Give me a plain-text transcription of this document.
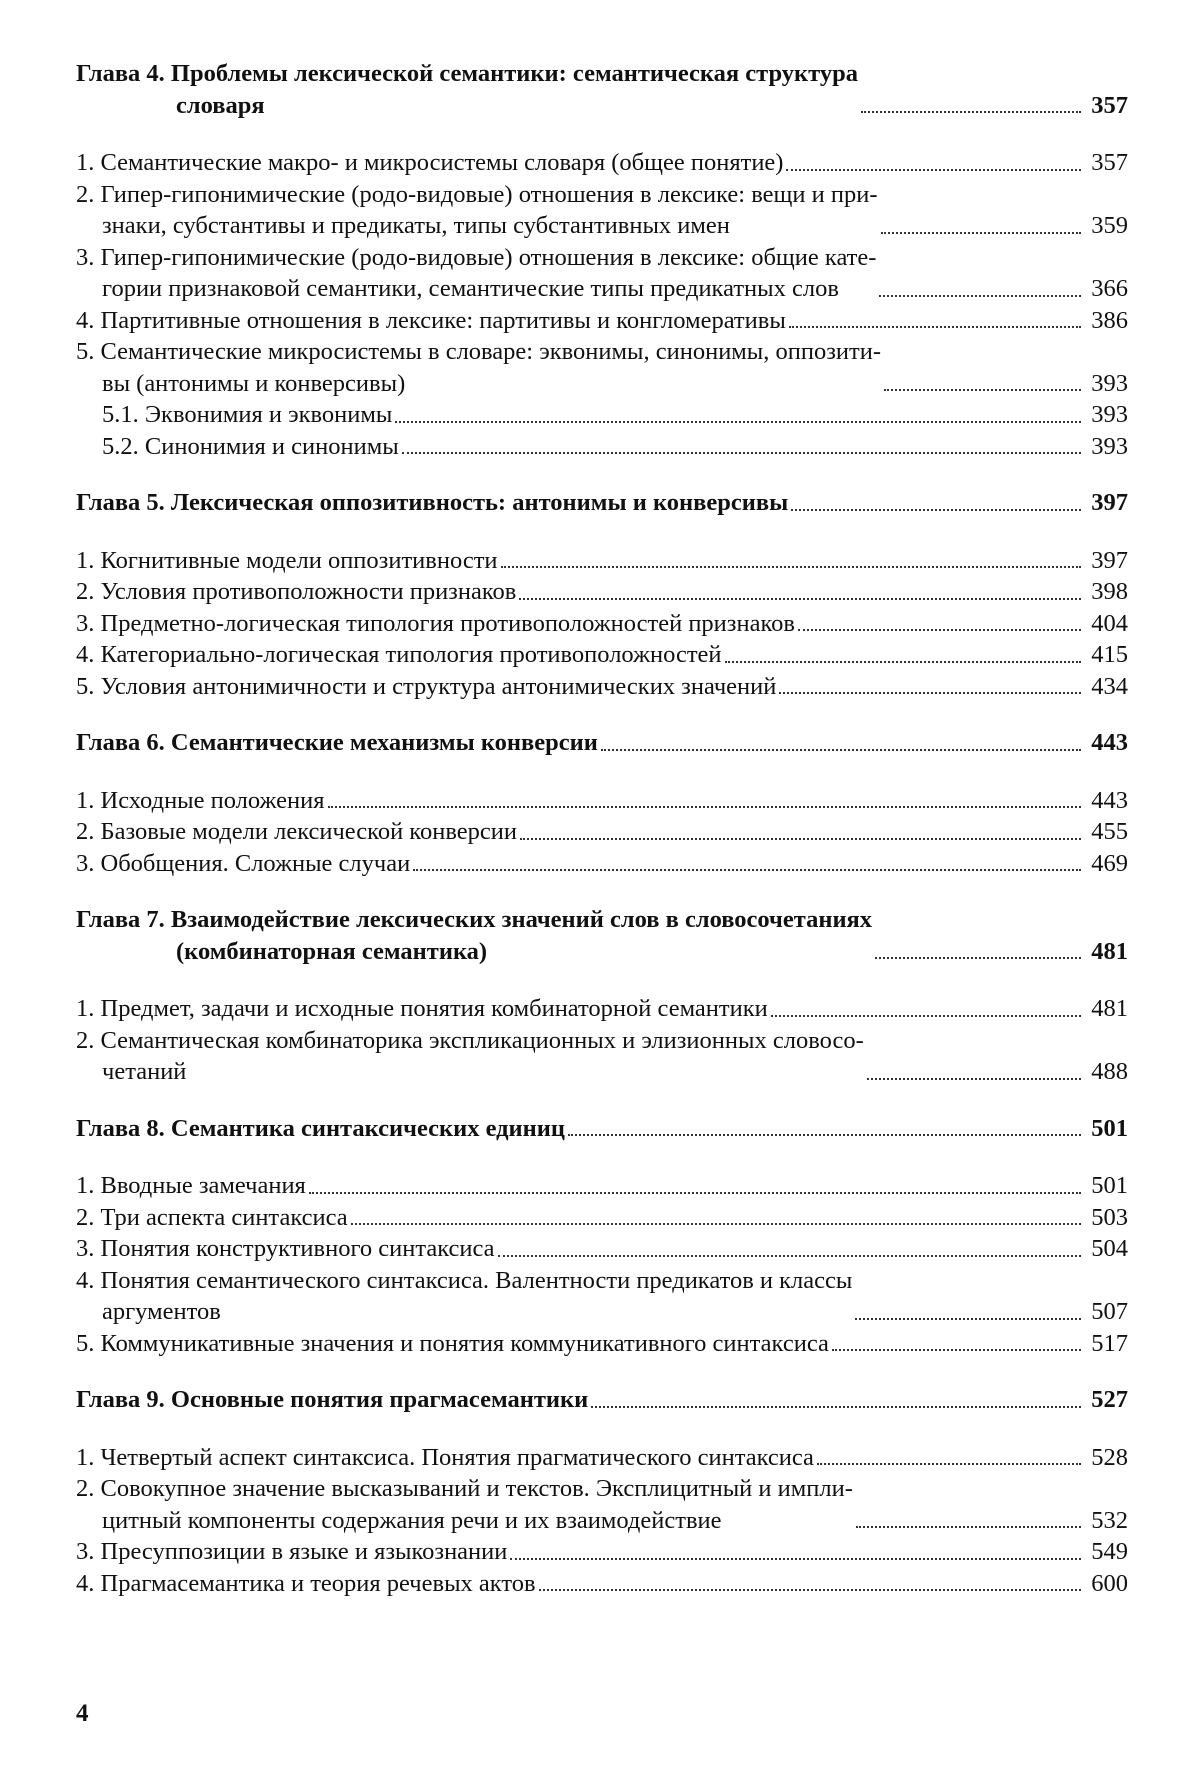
Глава 4. Проблемы лексической семантики: семантическая структура
словаря	357
1. Семантические макро- и микросистемы словаря (общее понятие)	357
2. Гипер-гипонимические (родо-видовые) отношения в лексике: вещи и при-
знаки, субстантивы и предикаты, типы субстантивных имен	359
3. Гипер-гипонимические (родо-видовые) отношения в лексике: общие кате-
гории признаковой семантики, семантические типы предикатных слов	366
4. Партитивные отношения в лексике: партитивы и конгломеративы	386
5. Семантические микросистемы в словаре: эквонимы, синонимы, оппозити-
вы (антонимы и конверсивы)	393
5.1. Эквонимия и эквонимы	393
5.2. Синонимия и синонимы	393
Глава 5. Лексическая оппозитивность: антонимы и конверсивы	397
1. Когнитивные модели оппозитивности	397
2. Условия противоположности признаков	398
3. Предметно-логическая типология противоположностей признаков	404
4. Категориально-логическая типология противоположностей	415
5. Условия антонимичности и структура антонимических значений	434
Глава 6. Семантические механизмы конверсии	443
1. Исходные положения	443
2. Базовые модели лексической конверсии	455
3. Обобщения. Сложные случаи	469
Глава 7. Взаимодействие лексических значений слов в словосочетаниях
(комбинаторная семантика)	481
1. Предмет, задачи и исходные понятия комбинаторной семантики	481
2. Семантическая комбинаторика экспликационных и элизионных словосо-
четаний	488
Глава 8. Семантика синтаксических единиц	501
1. Вводные замечания	501
2. Три аспекта синтаксиса	503
3. Понятия конструктивного синтаксиса	504
4. Понятия семантического синтаксиса. Валентности предикатов и классы
аргументов	507
5. Коммуникативные значения и понятия коммуникативного синтаксиса	517
Глава 9. Основные понятия прагмасемантики	527
1. Четвертый аспект синтаксиса. Понятия прагматического синтаксиса	528
2. Совокупное значение высказываний и текстов. Эксплицитный и импли-
цитный компоненты содержания речи и их взаимодействие	532
3. Пресуппозиции в языке и языкознании	549
4. Прагмасемантика и теория речевых актов	600
4
